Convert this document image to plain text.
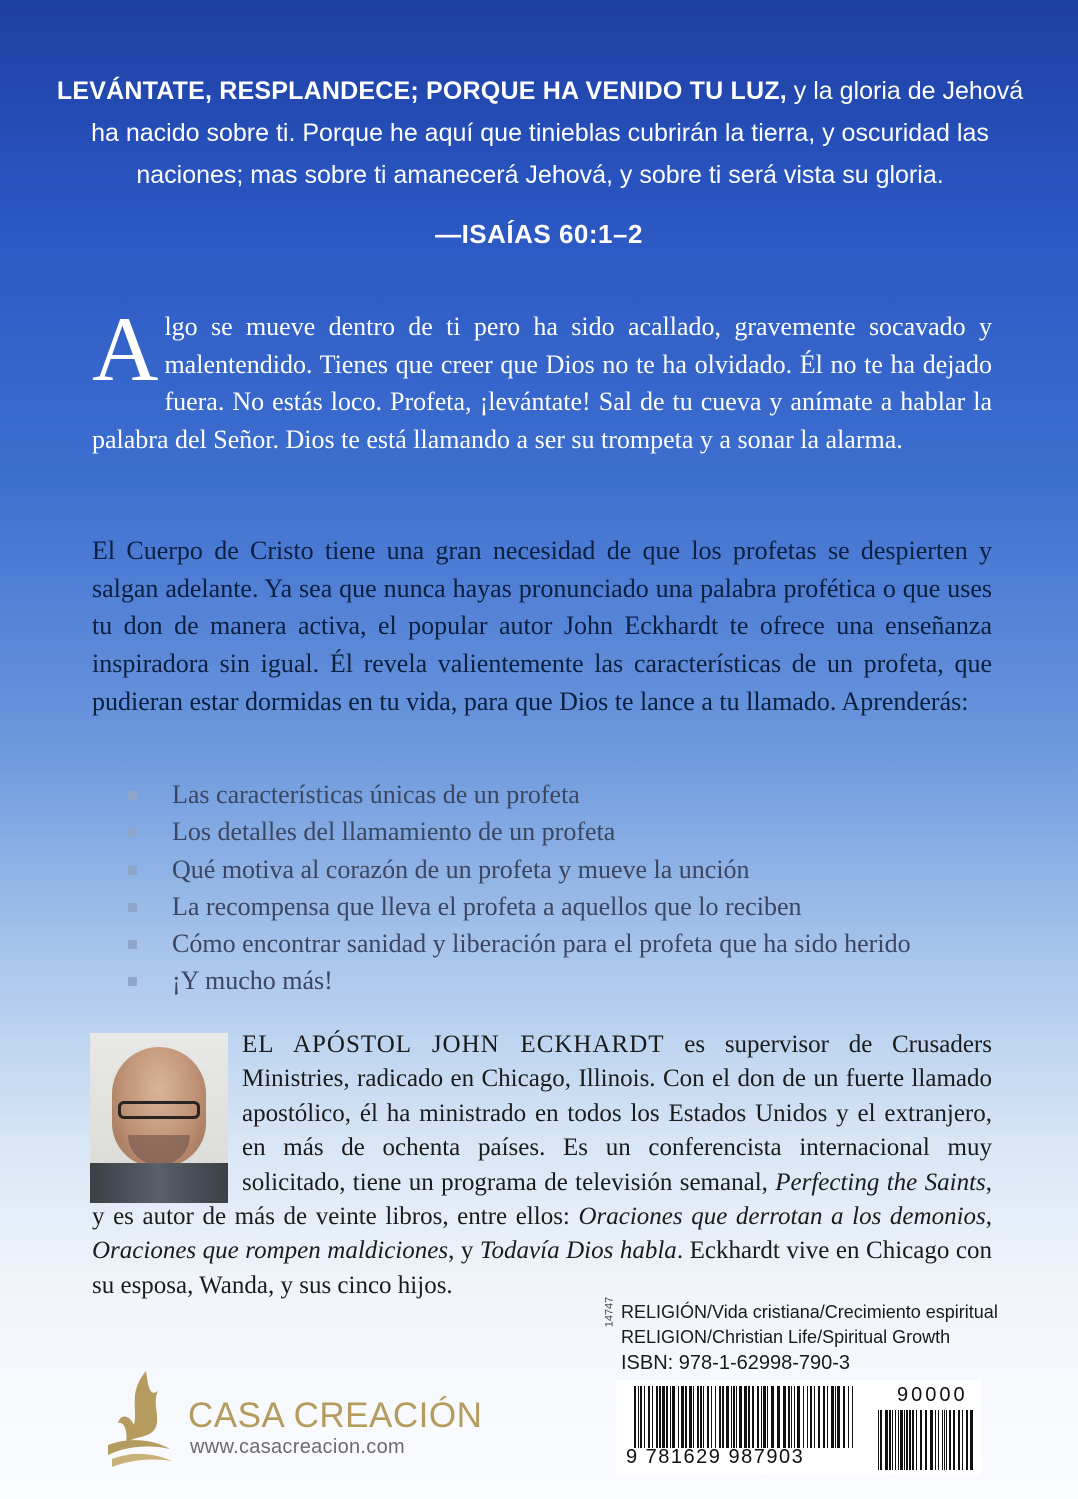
LEVÁNTATE, RESPLANDECE; PORQUE HA VENIDO TU LUZ, y la gloria de Jehová
ha nacido sobre ti. Porque he aquí que tinieblas cubrirán la tierra, y oscuridad las
naciones; mas sobre ti amanecerá Jehová, y sobre ti será vista su gloria.
—ISAÍAS 60:1–2
Algo se mueve dentro de ti pero ha sido acallado, gravemente socavado y malentendido. Tienes que creer que Dios no te ha olvidado. Él no te ha dejado fuera. No estás loco. Profeta, ¡levántate! Sal de tu cueva y anímate a hablar la palabra del Señor. Dios te está llamando a ser su trompeta y a sonar la alarma.
El Cuerpo de Cristo tiene una gran necesidad de que los profetas se despierten y salgan adelante. Ya sea que nunca hayas pronunciado una palabra profética o que uses tu don de manera activa, el popular autor John Eckhardt te ofrece una enseñanza inspiradora sin igual. Él revela valientemente las características de un profeta, que pudieran estar dormidas en tu vida, para que Dios te lance a tu llamado. Aprenderás:
Las características únicas de un profeta
Los detalles del llamamiento de un profeta
Qué motiva al corazón de un profeta y mueve la unción
La recompensa que lleva el profeta a aquellos que lo reciben
Cómo encontrar sanidad y liberación para el profeta que ha sido herido
¡Y mucho más!
EL APÓSTOL JOHN ECKHARDT es supervisor de Crusaders Ministries, radicado en Chicago, Illinois. Con el don de un fuerte llamado apostólico, él ha ministrado en todos los Estados Unidos y el extranjero, en más de ochenta países. Es un conferencista internacional muy solicitado, tiene un programa de televisión semanal, Perfecting the Saints, y es autor de más de veinte libros, entre ellos: Oraciones que derrotan a los demonios, Oraciones que rompen maldiciones, y Todavía Dios habla. Eckhardt vive en Chicago con su esposa, Wanda, y sus cinco hijos.
14747 RELIGIÓN/Vida cristiana/Crecimiento espiritual
RELIGION/Christian Life/Spiritual Growth
ISBN: 978-1-62998-790-3
90000
9 781629 987903
CASA CREACIÓN
www.casacreacion.com
